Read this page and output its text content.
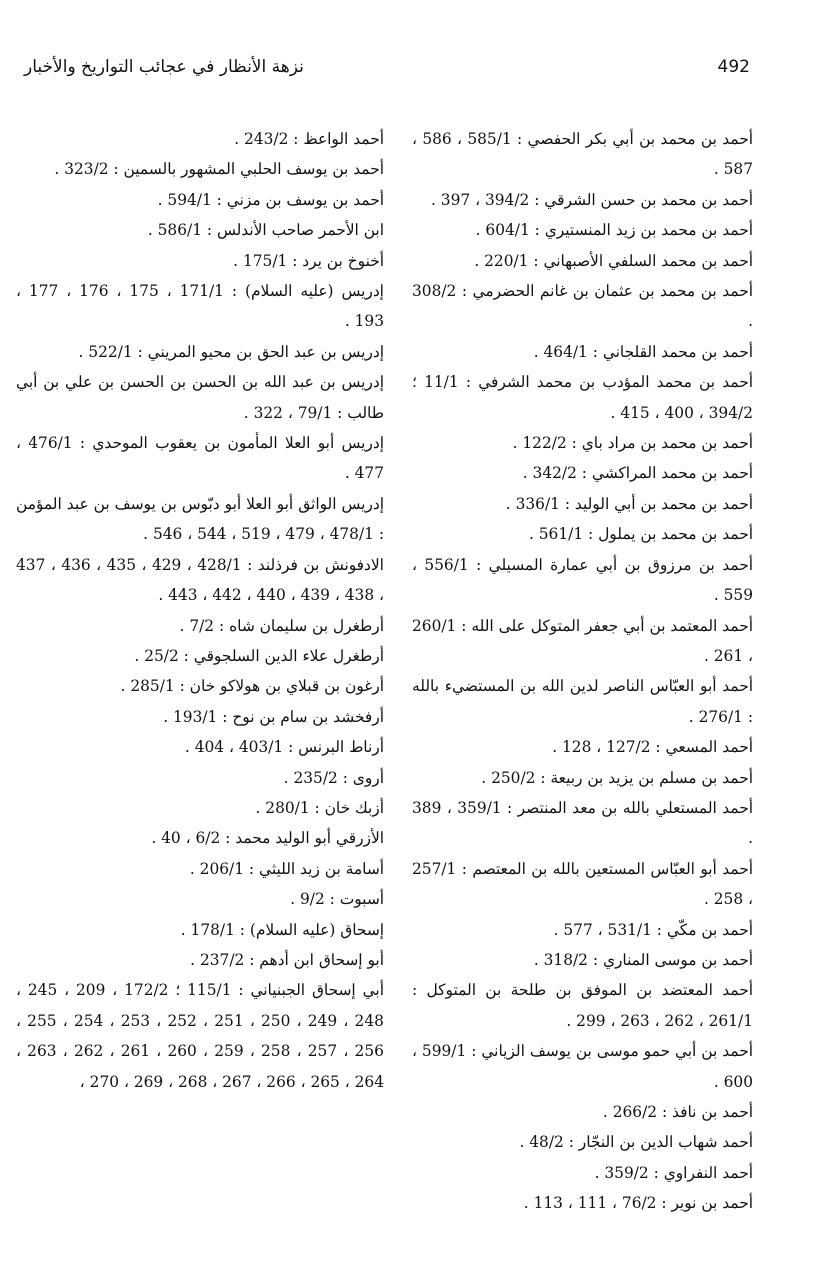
نزهة الأنظار في عجائب التواريخ والأخبار	492
أحمد بن محمد بن أبي بكر الحفصي : 585/1 ، 586 ، 587 .
أحمد بن محمد بن حسن الشرقي : 394/2 ، 397 .
أحمد بن محمد بن زيد المنستيري : 604/1 .
أحمد بن محمد السلفي الأصبهاني : 220/1 .
أحمد بن محمد بن عثمان بن غانم الحضرمي : 308/2 .
أحمد بن محمد القلجاني : 464/1 .
أحمد بن محمد المؤدب بن محمد الشرفي : 11/1 ؛ 394/2 ، 400 ، 415 .
أحمد بن محمد بن مراد باي : 122/2 .
أحمد بن محمد المراكشي : 342/2 .
أحمد بن محمد بن أبي الوليد : 336/1 .
أحمد بن محمد بن يملول : 561/1 .
أحمد بن مرزوق بن أبي عمارة المسيلي : 556/1 ، 559 .
أحمد المعتمد بن أبي جعفر المتوكل على الله : 260/1 ، 261 .
أحمد أبو العبّاس الناصر لدين الله بن المستضيء بالله : 276/1 .
أحمد المسعي : 127/2 ، 128 .
أحمد بن مسلم بن يزيد بن ربيعة : 250/2 .
أحمد المستعلي بالله بن معد المنتصر : 359/1 ، 389 .
أحمد أبو العبّاس المستعين بالله بن المعتصم : 257/1 ، 258 .
أحمد بن مكّي : 531/1 ، 577 .
أحمد بن موسى المناري : 318/2 .
أحمد المعتضد بن الموفق بن طلحة بن المتوكل : 261/1 ، 262 ، 263 ، 299 .
أحمد بن أبي حمو موسى بن يوسف الزياني : 599/1 ، 600 .
أحمد بن نافذ : 266/2 .
أحمد شهاب الدين بن النجّار : 48/2 .
أحمد النفراوي : 359/2 .
أحمد بن نوير : 76/2 ، 111 ، 113 .
أحمد الواعظ : 243/2 .
أحمد بن يوسف الحلبي المشهور بالسمين : 323/2 .
أحمد بن يوسف بن مزني : 594/1 .
ابن الأحمر صاحب الأندلس : 586/1 .
أخنوخ بن يرد : 175/1 .
إدريس (عليه السلام) : 171/1 ، 175 ، 176 ، 177 ، 193 .
إدريس بن عبد الحق بن محيو المريني : 522/1 .
إدريس بن عبد الله بن الحسن بن الحسن بن علي بن أبي طالب : 79/1 ، 322 .
إدريس أبو العلا المأمون بن يعقوب الموحدي : 476/1 ، 477 .
إدريس الواثق أبو العلا أبو دبّوس بن يوسف بن عبد المؤمن : 478/1 ، 479 ، 519 ، 544 ، 546 .
الادفونش بن فرذلند : 428/1 ، 429 ، 435 ، 436 ، 437 ، 438 ، 439 ، 440 ، 442 ، 443 .
أرطغرل بن سليمان شاه : 7/2 .
أرطغرل علاء الدين السلجوقي : 25/2 .
أرغون بن قبلاي بن هولاكو خان : 285/1 .
أرفخشد بن سام بن نوح : 193/1 .
أرناط البرنس : 403/1 ، 404 .
أروى : 235/2 .
أزبك خان : 280/1 .
الأزرقي أبو الوليد محمد : 6/2 ، 40 .
أسامة بن زيد الليثي : 206/1 .
أسبوت : 9/2 .
إسحاق (عليه السلام) : 178/1 .
أبو إسحاق ابن أدهم : 237/2 .
أبي إسحاق الجبنياني : 115/1 ؛ 172/2 ، 209 ، 245 ، 248 ، 249 ، 250 ، 251 ، 252 ، 253 ، 254 ، 255 ، 256 ، 257 ، 258 ، 259 ، 260 ، 261 ، 262 ، 263 ، 264 ، 265 ، 266 ، 267 ، 268 ، 269 ، 270 ،
